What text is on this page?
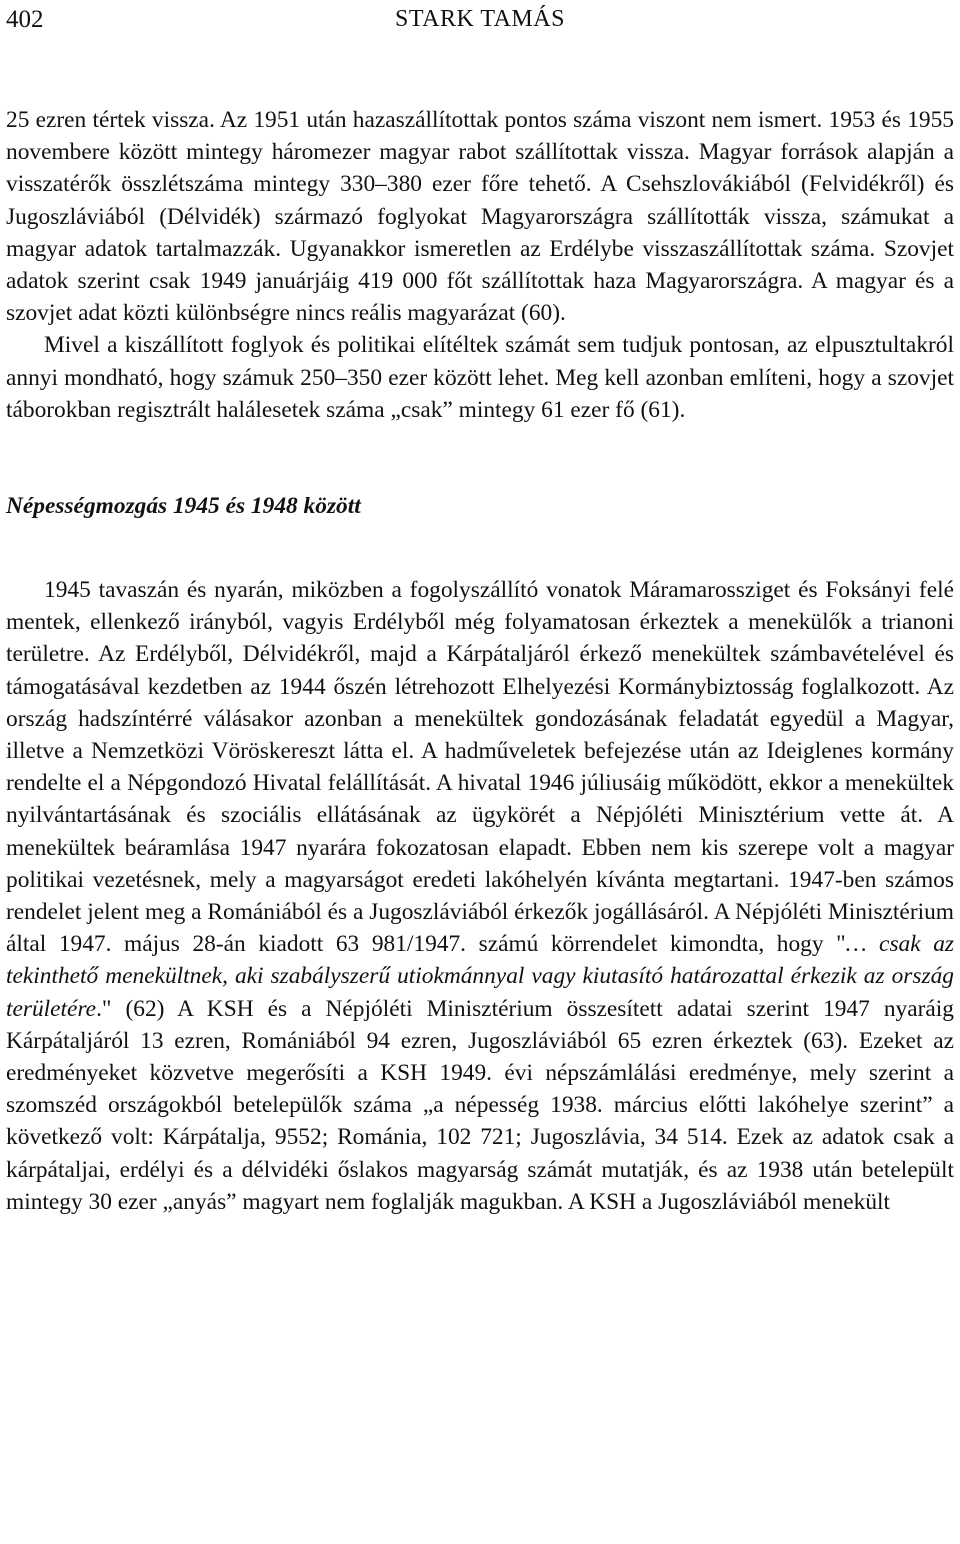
402	STARK TAMÁS

25 ezren tértek vissza. Az 1951 után hazaszállítottak pontos száma viszont nem ismert. 1953 és 1955 novembere között mintegy háromezer magyar rabot szállítottak vissza. Magyar források alapján a visszatérők összlétszáma mintegy 330–380 ezer főre tehető. A Csehszlovákiából (Felvidékről) és Jugoszláviából (Délvidék) származó foglyokat Magyarországra szállították vissza, számukat a magyar adatok tartalmazzák. Ugyanakkor ismeretlen az Erdélybe visszaszállítottak száma. Szovjet adatok szerint csak 1949 januárjáig 419 000 főt szállítottak haza Magyarországra. A magyar és a szovjet adat közti különbségre nincs reális magyarázat (60).

Mivel a kiszállított foglyok és politikai elítéltek számát sem tudjuk pontosan, az elpusztultakról annyi mondható, hogy számuk 250–350 ezer között lehet. Meg kell azonban említeni, hogy a szovjet táborokban regisztrált halálesetek száma „csak” mintegy 61 ezer fő (61).

Népességmozgás 1945 és 1948 között

1945 tavaszán és nyarán, miközben a fogolyszállító vonatok Máramarossziget és Foksányi felé mentek, ellenkező irányból, vagyis Erdélyből még folyamatosan érkeztek a menekülők a trianoni területre. Az Erdélyből, Délvidékről, majd a Kárpátaljáról érkező menekültek számbavételével és támogatásával kezdetben az 1944 őszén létrehozott Elhelyezési Kormánybiztosság foglalkozott. Az ország hadszíntérré válásakor azonban a menekültek gondozásának feladatát egyedül a Magyar, illetve a Nemzetközi Vöröskereszt látta el. A hadműveletek befejezése után az Ideiglenes kormány rendelte el a Népgondozó Hivatal felállítását. A hivatal 1946 júliusáig működött, ekkor a menekültek nyilvántartásának és szociális ellátásának az ügykörét a Népjóléti Minisztérium vette át. A menekültek beáramlása 1947 nyarára fokozatosan elapadt. Ebben nem kis szerepe volt a magyar politikai vezetésnek, mely a magyarságot eredeti lakóhelyén kívánta megtartani. 1947-ben számos rendelet jelent meg a Romániából és a Jugoszláviából érkezők jogállásáról. A Népjóléti Minisztérium által 1947. május 28-án kiadott 63 981/1947. számú körrendelet kimondta, hogy "… csak az tekinthető menekültnek, aki szabályszerű utiokmánnyal vagy kiutasító határozattal érkezik az ország területére." (62) A KSH és a Népjóléti Minisztérium összesített adatai szerint 1947 nyaráig Kárpátaljáról 13 ezren, Romániából 94 ezren, Jugoszláviából 65 ezren érkeztek (63). Ezeket az eredményeket közvetve megerősíti a KSH 1949. évi népszámlálási eredménye, mely szerint a szomszéd országokból betelepülők száma „a népesség 1938. március előtti lakóhelye szerint” a következő volt: Kárpátalja, 9552; Románia, 102 721; Jugoszlávia, 34 514. Ezek az adatok csak a kárpátaljai, erdélyi és a délvidéki őslakos magyarság számát mutatják, és az 1938 után betelepült mintegy 30 ezer „anyás” magyart nem foglalják magukban. A KSH a Jugoszláviából menekült
